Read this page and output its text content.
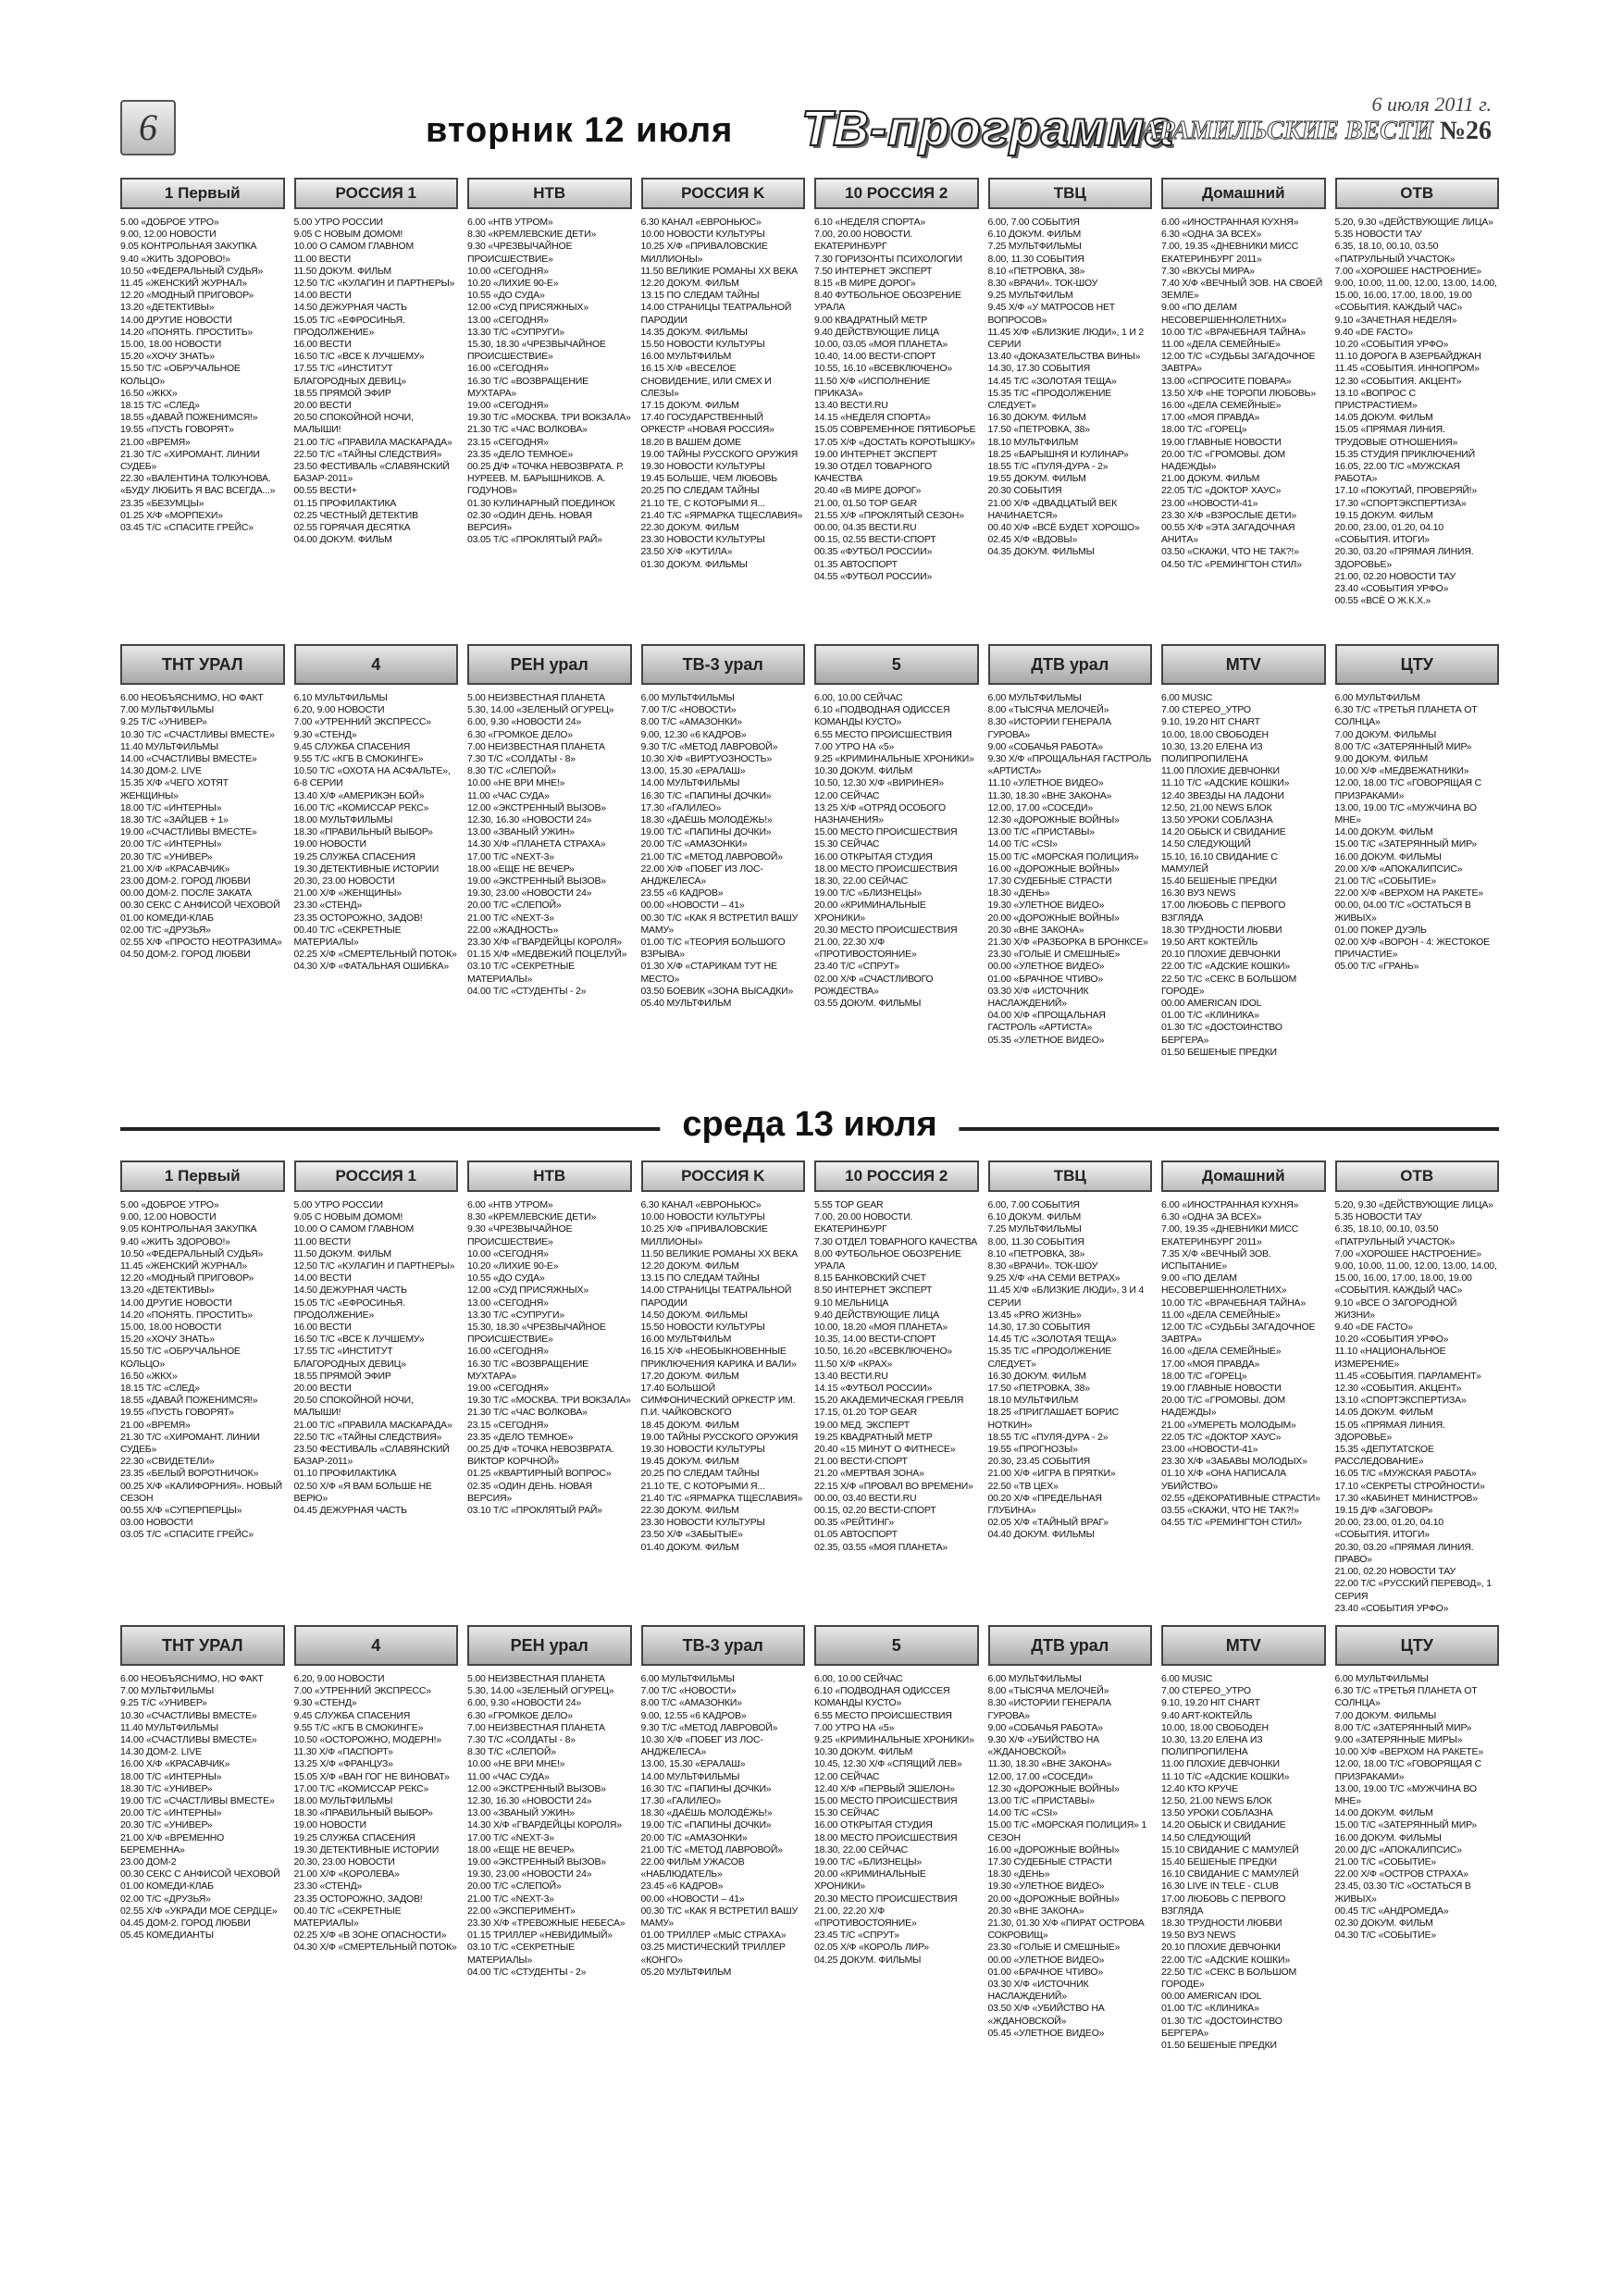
6	вторник 12 июля ТВ-программа	6 июля 2011 г.
АРАМИЛЬСКИЕ ВЕСТИ №26
1 Первый
5.00 «ДОБРОЕ УТРО»
9.00, 12.00 НОВОСТИ
9.05 КОНТРОЛЬНАЯ ЗАКУПКА
9.40 «ЖИТЬ ЗДОРОВО!»
10.50 «ФЕДЕРАЛЬНЫЙ СУДЬЯ»
11.45 «ЖЕНСКИЙ ЖУРНАЛ»
12.20 «МОДНЫЙ ПРИГОВОР»
13.20 «ДЕТЕКТИВЫ»
14.00 ДРУГИЕ НОВОСТИ
14.20 «ПОНЯТЬ. ПРОСТИТЬ»
15.00, 18.00 НОВОСТИ
15.20 «ХОЧУ ЗНАТЬ»
15.50 Т/С «ОБРУЧАЛЬНОЕ КОЛЬЦО»
16.50 «ЖКХ»
18.15 Т/С «СЛЕД»
18.55 «ДАВАЙ ПОЖЕНИМСЯ!»
19.55 «ПУСТЬ ГОВОРЯТ»
21.00 «ВРЕМЯ»
21.30 Т/С «ХИРОМАНТ. ЛИНИИ СУДЕБ»
22.30 «ВАЛЕНТИНА ТОЛКУНОВА. «БУДУ ЛЮБИТЬ Я ВАС ВСЕГДА...»
23.35 «БЕЗУМЦЫ»
01.25 Х/Ф «МОРПЕХИ»
03.45 Т/С «СПАСИТЕ ГРЕЙС»
РОССИЯ 1
5.00 УТРО РОССИИ
9.05 С НОВЫМ ДОМОМ!
10.00 О САМОМ ГЛАВНОМ
11.00 ВЕСТИ
11.50 ДОКУМ. ФИЛЬМ
12.50 Т/С «КУЛАГИН И ПАРТНЕРЫ»
14.00 ВЕСТИ
14.50 ДЕЖУРНАЯ ЧАСТЬ
15.05 Т/С «ЕФРОСИНЬЯ. ПРОДОЛЖЕНИЕ»
16.00 ВЕСТИ
16.50 Т/С «ВСЕ К ЛУЧШЕМУ»
17.55 Т/С «ИНСТИТУТ БЛАГОРОДНЫХ ДЕВИЦ»
18.55 ПРЯМОЙ ЭФИР
20.00 ВЕСТИ
20.50 СПОКОЙНОЙ НОЧИ, МАЛЫШИ!
21.00 Т/С «ПРАВИЛА МАСКАРАДА»
22.50 Т/С «ТАЙНЫ СЛЕДСТВИЯ»
23.50 ФЕСТИВАЛЬ «СЛАВЯНСКИЙ БАЗАР-2011»
00.55 ВЕСТИ+
01.15 ПРОФИЛАКТИКА
02.25 ЧЕСТНЫЙ ДЕТЕКТИВ
02.55 ГОРЯЧАЯ ДЕСЯТКА
04.00 ДОКУМ. ФИЛЬМ
НТВ
6.00 «НТВ УТРОМ»
8.30 «КРЕМЛЕВСКИЕ ДЕТИ»
9.30 «ЧРЕЗВЫЧАЙНОЕ ПРОИСШЕСТВИЕ»
10.00 «СЕГОДНЯ»
10.20 «ЛИХИЕ 90-Е»
10.55 «ДО СУДА»
12.00 «СУД ПРИСЯЖНЫХ»
13.00 «СЕГОДНЯ»
13.30 Т/С «СУПРУГИ»
15.30, 18.30 «ЧРЕЗВЫЧАЙНОЕ ПРОИСШЕСТВИЕ»
16.00 «СЕГОДНЯ»
16.30 Т/С «ВОЗВРАЩЕНИЕ МУХТАРА»
19.00 «СЕГОДНЯ»
19.30 Т/С «МОСКВА. ТРИ ВОКЗАЛА»
21.30 Т/С «ЧАС ВОЛКОВА»
23.15 «СЕГОДНЯ»
23.35 «ДЕЛО ТЕМНОЕ»
00.25 Д/Ф «ТОЧКА НЕВОЗВРАТА. Р. НУРЕЕВ. М. БАРЫШНИКОВ. А. ГОДУНОВ»
01.30 КУЛИНАРНЫЙ ПОЕДИНОК
02.30 «ОДИН ДЕНЬ. НОВАЯ ВЕРСИЯ»
03.05 Т/С «ПРОКЛЯТЫЙ РАЙ»
РОССИЯ K
6.30 КАНАЛ «ЕВРОНЬЮС»
10.00 НОВОСТИ КУЛЬТУРЫ
10.25 Х/Ф «ПРИВАЛОВСКИЕ МИЛЛИОНЫ»
11.50 ВЕЛИКИЕ РОМАНЫ XX ВЕКА
12.20 ДОКУМ. ФИЛЬМ
13.15 ПО СЛЕДАМ ТАЙНЫ
14.00 СТРАНИЦЫ ТЕАТРАЛЬНОЙ ПАРОДИИ
14.35 ДОКУМ. ФИЛЬМЫ
15.50 НОВОСТИ КУЛЬТУРЫ
16.00 МУЛЬТФИЛЬМ
16.15 Х/Ф «ВЕСЕЛОЕ СНОВИДЕНИЕ, ИЛИ СМЕХ И СЛЕЗЫ»
17.15 ДОКУМ. ФИЛЬМ
17.40 ГОСУДАРСТВЕННЫЙ ОРКЕСТР «НОВАЯ РОССИЯ»
18.20 В ВАШЕМ ДОМЕ
19.00 ТАЙНЫ РУССКОГО ОРУЖИЯ
19.30 НОВОСТИ КУЛЬТУРЫ
19.45 БОЛЬШЕ, ЧЕМ ЛЮБОВЬ
20.25 ПО СЛЕДАМ ТАЙНЫ
21.10 ТЕ, С КОТОРЫМИ Я...
21.40 Т/С «ЯРМАРКА ТЩЕСЛАВИЯ»
22.30 ДОКУМ. ФИЛЬМ
23.30 НОВОСТИ КУЛЬТУРЫ
23.50 Х/Ф «КУТИЛА»
01.30 ДОКУМ. ФИЛЬМЫ
10 РОССИЯ 2
6.10 «НЕДЕЛЯ СПОРТА»
7.00, 20.00 НОВОСТИ. ЕКАТЕРИНБУРГ
7.30 ГОРИЗОНТЫ ПСИХОЛОГИИ
7.50 ИНТЕРНЕТ ЭКСПЕРТ
8.15 «В МИРЕ ДОРОГ»
8.40 ФУТБОЛЬНОЕ ОБОЗРЕНИЕ УРАЛА
9.00 КВАДРАТНЫЙ МЕТР
9.40 ДЕЙСТВУЮЩИЕ ЛИЦА
10.00, 03.05 «МОЯ ПЛАНЕТА»
10.40, 14.00 ВЕСТИ-СПОРТ
10.55, 16.10 «ВСЕВКЛЮЧЕНО»
11.50 Х/Ф «ИСПОЛНЕНИЕ ПРИКАЗА»
13.40 ВЕСТИ.RU
14.15 «НЕДЕЛЯ СПОРТА»
15.05 СОВРЕМЕННОЕ ПЯТИБОРЬЕ
17.05 Х/Ф «ДОСТАТЬ КОРОТЫШКУ»
19.00 ИНТЕРНЕТ ЭКСПЕРТ
19.30 ОТДЕЛ ТОВАРНОГО КАЧЕСТВА
20.40 «В МИРЕ ДОРОГ»
21.00, 01.50 TOP GEAR
21.55 Х/Ф «ПРОКЛЯТЫЙ СЕЗОН»
00.00, 04.35 ВЕСТИ.RU
00.15, 02.55 ВЕСТИ-СПОРТ
00.35 «ФУТБОЛ РОССИИ»
01.35 АВТОСПОРТ
04.55 «ФУТБОЛ РОССИИ»
ТВЦ
6.00, 7.00 СОБЫТИЯ
6.10 ДОКУМ. ФИЛЬМ
7.25 МУЛЬТФИЛЬМЫ
8.00, 11.30 СОБЫТИЯ
8.10 «ПЕТРОВКА, 38»
8.30 «ВРАЧИ». ТОК-ШОУ
9.25 МУЛЬТФИЛЬМ
9.45 Х/Ф «У МАТРОСОВ НЕТ ВОПРОСОВ»
11.45 Х/Ф «БЛИЗКИЕ ЛЮДИ», 1 И 2 СЕРИИ
13.40 «ДОКАЗАТЕЛЬСТВА ВИНЫ»
14.30, 17.30 СОБЫТИЯ
14.45 Т/С «ЗОЛОТАЯ ТЕЩА»
15.35 Т/С «ПРОДОЛЖЕНИЕ СЛЕДУЕТ»
16.30 ДОКУМ. ФИЛЬМ
17.50 «ПЕТРОВКА, 38»
18.10 МУЛЬТФИЛЬМ
18.25 «БАРЫШНЯ И КУЛИНАР»
18.55 Т/С «ПУЛЯ-ДУРА - 2»
19.55 ДОКУМ. ФИЛЬМ
20.30 СОБЫТИЯ
21.00 Х/Ф «ДВАДЦАТЫЙ ВЕК НАЧИНАЕТСЯ»
00.40 Х/Ф «ВСЁ БУДЕТ ХОРОШО»
02.45 Х/Ф «ВДОВЫ»
04.35 ДОКУМ. ФИЛЬМЫ
Домашний
6.00 «ИНОСТРАННАЯ КУХНЯ»
6.30 «ОДНА ЗА ВСЕХ»
7.00, 19.35 «ДНЕВНИКИ МИСС ЕКАТЕРИНБУРГ 2011»
7.30 «ВКУСЫ МИРА»
7.40 Х/Ф «ВЕЧНЫЙ ЗОВ. НА СВОЕЙ ЗЕМЛЕ»
9.00 «ПО ДЕЛАМ НЕСОВЕРШЕННОЛЕТНИХ»
10.00 Т/С «ВРАЧЕБНАЯ ТАЙНА»
11.00 «ДЕЛА СЕМЕЙНЫЕ»
12.00 Т/С «СУДЬБЫ ЗАГАДОЧНОЕ ЗАВТРА»
13.00 «СПРОСИТЕ ПОВАРА»
13.50 Х/Ф «НЕ ТОРОПИ ЛЮБОВЬ»
16.00 «ДЕЛА СЕМЕЙНЫЕ»
17.00 «МОЯ ПРАВДА»
18.00 Т/С «ГОРЕЦ»
19.00 ГЛАВНЫЕ НОВОСТИ
20.00 Т/С «ГРОМОВЫ. ДОМ НАДЕЖДЫ»
21.00 ДОКУМ. ФИЛЬМ
22.05 Т/С «ДОКТОР ХАУС»
23.00 «НОВОСТИ-41»
23.30 Х/Ф «ВЗРОСЛЫЕ ДЕТИ»
00.55 Х/Ф «ЭТА ЗАГАДОЧНАЯ АНИТА»
03.50 «СКАЖИ, ЧТО НЕ ТАК?!»
04.50 Т/С «РЕМИНГТОН СТИЛ»
ОТВ
5.20, 9.30 «ДЕЙСТВУЮЩИЕ ЛИЦА»
5.35 НОВОСТИ ТАУ
6.35, 18.10, 00.10, 03.50 «ПАТРУЛЬНЫЙ УЧАСТОК»
7.00 «ХОРОШЕЕ НАСТРОЕНИЕ»
9.00, 10.00, 11.00, 12.00, 13.00, 14.00, 15.00, 16.00, 17.00, 18.00, 19.00 «СОБЫТИЯ. КАЖДЫЙ ЧАС»
9.10 «ЗАЧЕТНАЯ НЕДЕЛЯ»
9.40 «DE FACTO»
10.20 «СОБЫТИЯ УРФО»
11.10 ДОРОГА В АЗЕРБАЙДЖАН
11.45 «СОБЫТИЯ. ИННОПРОМ»
12.30 «СОБЫТИЯ. АКЦЕНТ»
13.10 «ВОПРОС С ПРИСТРАСТИЕМ»
14.05 ДОКУМ. ФИЛЬМ
15.05 «ПРЯМАЯ ЛИНИЯ. ТРУДОВЫЕ ОТНОШЕНИЯ»
15.35 СТУДИЯ ПРИКЛЮЧЕНИЙ
16.05, 22.00 Т/С «МУЖСКАЯ РАБОТА»
17.10 «ПОКУПАЙ, ПРОВЕРЯЙ!»
17.30 «СПОРТЭКСПЕРТИЗА»
19.15 ДОКУМ. ФИЛЬМ
20.00, 23.00, 01.20, 04.10 «СОБЫТИЯ. ИТОГИ»
20.30, 03.20 «ПРЯМАЯ ЛИНИЯ. ЗДОРОВЬЕ»
21.00, 02.20 НОВОСТИ ТАУ
23.40 «СОБЫТИЯ УРФО»
00.55 «ВСЁ О Ж.К.Х.»
ТНТ УРАЛ
6.00 НЕОБЪЯСНИМО, НО ФАКТ
7.00 МУЛЬТФИЛЬМЫ
9.25 Т/С «УНИВЕР»
10.30 Т/С «СЧАСТЛИВЫ ВМЕСТЕ»
11.40 МУЛЬТФИЛЬМЫ
14.00 «СЧАСТЛИВЫ ВМЕСТЕ»
14.30 ДОМ-2. LIVE
15.35 Х/Ф «ЧЕГО ХОТЯТ ЖЕНЩИНЫ»
18.00 Т/С «ИНТЕРНЫ»
18.30 Т/С «ЗАЙЦЕВ + 1»
19.00 «СЧАСТЛИВЫ ВМЕСТЕ»
20.00 Т/С «ИНТЕРНЫ»
20.30 Т/С «УНИВЕР»
21.00 Х/Ф «КРАСАВЧИК»
23.00 ДОМ-2. ГОРОД ЛЮБВИ
00.00 ДОМ-2. ПОСЛЕ ЗАКАТА
00.30 СЕКС С АНФИСОЙ ЧЕХОВОЙ
01.00 КОМЕДИ-КЛАБ
02.00 Т/С «ДРУЗЬЯ»
02.55 Х/Ф «ПРОСТО НЕОТРАЗИМА»
04.50 ДОМ-2. ГОРОД ЛЮБВИ
4
6.10 МУЛЬТФИЛЬМЫ
6.20, 9.00 НОВОСТИ
7.00 «УТРЕННИЙ ЭКСПРЕСС»
9.30 «СТЕНД»
9.45 СЛУЖБА СПАСЕНИЯ
9.55 Т/С «КГБ В СМОКИНГЕ»
10.50 Т/С «ОХОТА НА АСФАЛЬТЕ», 6-8 СЕРИИ
13.40 Х/Ф «АМЕРИКЭН БОЙ»
16.00 Т/С «КОМИССАР РЕКС»
18.00 МУЛЬТФИЛЬМЫ
18.30 «ПРАВИЛЬНЫЙ ВЫБОР»
19.00 НОВОСТИ
19.25 СЛУЖБА СПАСЕНИЯ
19.30 ДЕТЕКТИВНЫЕ ИСТОРИИ
20.30, 23.00 НОВОСТИ
21.00 Х/Ф «ЖЕНЩИНЫ»
23.30 «СТЕНД»
23.35 ОСТОРОЖНО, ЗАДОВ!
00.40 Т/С «СЕКРЕТНЫЕ МАТЕРИАЛЫ»
02.25 Х/Ф «СМЕРТЕЛЬНЫЙ ПОТОК»
04.30 Х/Ф «ФАТАЛЬНАЯ ОШИБКА»
РЕН урал
5.00 НЕИЗВЕСТНАЯ ПЛАНЕТА
5.30, 14.00 «ЗЕЛЕНЫЙ ОГУРЕЦ»
6.00, 9.30 «НОВОСТИ 24»
6.30 «ГРОМКОЕ ДЕЛО»
7.00 НЕИЗВЕСТНАЯ ПЛАНЕТА
7.30 Т/С «СОЛДАТЫ - 8»
8.30 Т/С «СЛЕПОЙ»
10.00 «НЕ ВРИ МНЕ!»
11.00 «ЧАС СУДА»
12.00 «ЭКСТРЕННЫЙ ВЫЗОВ»
12.30, 16.30 «НОВОСТИ 24»
13.00 «ЗВАНЫЙ УЖИН»
14.30 Х/Ф «ПЛАНЕТА СТРАХА»
17.00 Т/С «NEXT-3»
18.00 «ЕЩЕ НЕ ВЕЧЕР»
19.00 «ЭКСТРЕННЫЙ ВЫЗОВ»
19.30, 23.00 «НОВОСТИ 24»
20.00 Т/С «СЛЕПОЙ»
21.00 Т/С «NEXT-3»
22.00 «ЖАДНОСТЬ»
23.30 Х/Ф «ГВАРДЕЙЦЫ КОРОЛЯ»
01.15 Х/Ф «МЕДВЕЖИЙ ПОЦЕЛУЙ»
03.10 Т/С «СЕКРЕТНЫЕ МАТЕРИАЛЫ»
04.00 Т/С «СТУДЕНТЫ - 2»
ТВ-3 урал
6.00 МУЛЬТФИЛЬМЫ
7.00 Т/С «НОВОСТИ»
8.00 Т/С «АМАЗОНКИ»
9.00, 12.30 «6 КАДРОВ»
9.30 Т/С «МЕТОД ЛАВРОВОЙ»
10.30 Х/Ф «ВИРТУОЗНОСТЬ»
13.00, 15.30 «ЕРАЛАШ»
14.00 МУЛЬТФИЛЬМЫ
16.30 Т/С «ПАПИНЫ ДОЧКИ»
17.30 «ГАЛИЛЕО»
18.30 «ДАЁШЬ МОЛОДЁЖЬ!»
19.00 Т/С «ПАПИНЫ ДОЧКИ»
20.00 Т/С «АМАЗОНКИ»
21.00 Т/С «МЕТОД ЛАВРОВОЙ»
22.00 Х/Ф «ПОБЕГ ИЗ ЛОС-АНДЖЕЛЕСА»
23.55 «6 КАДРОВ»
00.00 «НОВОСТИ – 41»
00.30 Т/С «КАК Я ВСТРЕТИЛ ВАШУ МАМУ»
01.00 Т/С «ТЕОРИЯ БОЛЬШОГО ВЗРЫВА»
01.30 Х/Ф «СТАРИКАМ ТУТ НЕ МЕСТО»
03.50 БОЕВИК «ЗОНА ВЫСАДКИ»
05.40 МУЛЬТФИЛЬМ
5
6.00, 10.00 СЕЙЧАС
6.10 «ПОДВОДНАЯ ОДИССЕЯ КОМАНДЫ КУСТО»
6.55 МЕСТО ПРОИСШЕСТВИЯ
7.00 УТРО НА «5»
9.25 «КРИМИНАЛЬНЫЕ ХРОНИКИ»
10.30 ДОКУМ. ФИЛЬМ
10.50, 12.30 Х/Ф «ВИРИНЕЯ»
12.00 СЕЙЧАС
13.25 Х/Ф «ОТРЯД ОСОБОГО НАЗНАЧЕНИЯ»
15.00 МЕСТО ПРОИСШЕСТВИЯ
15.30 СЕЙЧАС
16.00 ОТКРЫТАЯ СТУДИЯ
18.00 МЕСТО ПРОИСШЕСТВИЯ
18.30, 22.00 СЕЙЧАС
19.00 Т/С «БЛИЗНЕЦЫ»
20.00 «КРИМИНАЛЬНЫЕ ХРОНИКИ»
20.30 МЕСТО ПРОИСШЕСТВИЯ
21.00, 22.30 Х/Ф «ПРОТИВОСТОЯНИЕ»
23.40 Т/С «СПРУТ»
02.00 Х/Ф «СЧАСТЛИВОГО РОЖДЕСТВА»
03.55 ДОКУМ. ФИЛЬМЫ
ДТВ урал
6.00 МУЛЬТФИЛЬМЫ
8.00 «ТЫСЯЧА МЕЛОЧЕЙ»
8.30 «ИСТОРИИ ГЕНЕРАЛА ГУРОВА»
9.00 «СОБАЧЬЯ РАБОТА»
9.30 Х/Ф «ПРОЩАЛЬНАЯ ГАСТРОЛЬ «АРТИСТА»
11.10 «УЛЕТНОЕ ВИДЕО»
11.30, 18.30 «ВНЕ ЗАКОНА»
12.00, 17.00 «СОСЕДИ»
12.30 «ДОРОЖНЫЕ ВОЙНЫ»
13.00 Т/С «ПРИСТАВЫ»
14.00 Т/С «CSI»
15.00 Т/С «МОРСКАЯ ПОЛИЦИЯ»
16.00 «ДОРОЖНЫЕ ВОЙНЫ»
17.30 СУДЕБНЫЕ СТРАСТИ
18.30 «ДЕНЬ»
19.30 «УЛЕТНОЕ ВИДЕО»
20.00 «ДОРОЖНЫЕ ВОЙНЫ»
20.30 «ВНЕ ЗАКОНА»
21.30 Х/Ф «РАЗБОРКА В БРОНКСЕ»
23.30 «ГОЛЫЕ И СМЕШНЫЕ»
00.00 «УЛЕТНОЕ ВИДЕО»
01.00 «БРАЧНОЕ ЧТИВО»
03.30 Х/Ф «ИСТОЧНИК НАСЛАЖДЕНИЙ»
04.00 Х/Ф «ПРОЩАЛЬНАЯ ГАСТРОЛЬ «АРТИСТА»
05.35 «УЛЕТНОЕ ВИДЕО»
MTV
6.00 MUSIC
7.00 СТЕРЕО_УТРО
9.10, 19.20 HIT CHART
10.00, 18.00 СВОБОДЕН
10.30, 13.20 ЕЛЕНА ИЗ ПОЛИПРОПИЛЕНА
11.00 ПЛОХИЕ ДЕВЧОНКИ
11.10 Т/С «АДСКИЕ КОШКИ»
12.40 ЗВЕЗДЫ НА ЛАДОНИ
12.50, 21.00 NEWS БЛОК
13.50 УРОКИ СОБЛАЗНА
14.20 ОБЫСК И СВИДАНИЕ
14.50 СЛЕДУЮЩИЙ
15.10, 16.10 СВИДАНИЕ С МАМУЛЕЙ
15.40 БЕШЕНЫЕ ПРЕДКИ
16.30 ВУЗ NEWS
17.00 ЛЮБОВЬ С ПЕРВОГО ВЗГЛЯДА
18.30 ТРУДНОСТИ ЛЮБВИ
19.50 ART КОКТЕЙЛЬ
20.10 ПЛОХИЕ ДЕВЧОНКИ
22.00 Т/С «АДСКИЕ КОШКИ»
22.50 Т/С «СЕКС В БОЛЬШОМ ГОРОДЕ»
00.00 AMERICAN IDOL
01.00 Т/С «КЛИНИКА»
01.30 Т/С «ДОСТОИНСТВО БЕРГЕРА»
01.50 БЕШЕНЫЕ ПРЕДКИ
ЦТУ
6.00 МУЛЬТФИЛЬМ
6.30 Т/С «ТРЕТЬЯ ПЛАНЕТА ОТ СОЛНЦА»
7.00 ДОКУМ. ФИЛЬМЫ
8.00 Т/С «ЗАТЕРЯННЫЙ МИР»
9.00 ДОКУМ. ФИЛЬМ
10.00 Х/Ф «МЕДВЕЖАТНИКИ»
12.00, 18.00 Т/С «ГОВОРЯЩАЯ С ПРИЗРАКАМИ»
13.00, 19.00 Т/С «МУЖЧИНА ВО МНЕ»
14.00 ДОКУМ. ФИЛЬМ
15.00 Т/С «ЗАТЕРЯННЫЙ МИР»
16.00 ДОКУМ. ФИЛЬМЫ
20.00 Х/Ф «АПОКАЛИПСИС»
21.00 Т/С «СОБЫТИЕ»
22.00 Х/Ф «ВЕРХОМ НА РАКЕТЕ»
00.00, 04.00 Т/С «ОСТАТЬСЯ В ЖИВЫХ»
01.00 ПОКЕР ДУЭЛЬ
02.00 Х/Ф «ВОРОН - 4: ЖЕСТОКОЕ ПРИЧАСТИЕ»
05.00 Т/С «ГРАНЬ»
среда 13 июля
1 Первый
5.00 «ДОБРОЕ УТРО»
9.00, 12.00 НОВОСТИ
9.05 КОНТРОЛЬНАЯ ЗАКУПКА
9.40 «ЖИТЬ ЗДОРОВО!»
10.50 «ФЕДЕРАЛЬНЫЙ СУДЬЯ»
11.45 «ЖЕНСКИЙ ЖУРНАЛ»
12.20 «МОДНЫЙ ПРИГОВОР»
13.20 «ДЕТЕКТИВЫ»
14.00 ДРУГИЕ НОВОСТИ
14.20 «ПОНЯТЬ. ПРОСТИТЬ»
15.00, 18.00 НОВОСТИ
15.20 «ХОЧУ ЗНАТЬ»
15.50 Т/С «ОБРУЧАЛЬНОЕ КОЛЬЦО»
16.50 «ЖКХ»
18.15 Т/С «СЛЕД»
18.55 «ДАВАЙ ПОЖЕНИМСЯ!»
19.55 «ПУСТЬ ГОВОРЯТ»
21.00 «ВРЕМЯ»
21.30 Т/С «ХИРОМАНТ. ЛИНИИ СУДЕБ»
22.30 «СВИДЕТЕЛИ»
23.35 «БЕЛЫЙ ВОРОТНИЧОК»
00.25 Х/Ф «КАЛИФОРНИЯ». НОВЫЙ СЕЗОН
00.55 Х/Ф «СУПЕРПЕРЦЫ»
03.00 НОВОСТИ
03.05 Т/С «СПАСИТЕ ГРЕЙС»
РОССИЯ 1
5.00 УТРО РОССИИ
9.05 С НОВЫМ ДОМОМ!
10.00 О САМОМ ГЛАВНОМ
11.00 ВЕСТИ
11.50 ДОКУМ. ФИЛЬМ
12.50 Т/С «КУЛАГИН И ПАРТНЕРЫ»
14.00 ВЕСТИ
14.50 ДЕЖУРНАЯ ЧАСТЬ
15.05 Т/С «ЕФРОСИНЬЯ. ПРОДОЛЖЕНИЕ»
16.00 ВЕСТИ
16.50 Т/С «ВСЕ К ЛУЧШЕМУ»
17.55 Т/С «ИНСТИТУТ БЛАГОРОДНЫХ ДЕВИЦ»
18.55 ПРЯМОЙ ЭФИР
20.00 ВЕСТИ
20.50 СПОКОЙНОЙ НОЧИ, МАЛЫШИ!
21.00 Т/С «ПРАВИЛА МАСКАРАДА»
22.50 Т/С «ТАЙНЫ СЛЕДСТВИЯ»
23.50 ФЕСТИВАЛЬ «СЛАВЯНСКИЙ БАЗАР-2011»
01.10 ПРОФИЛАКТИКА
02.50 Х/Ф «Я ВАМ БОЛЬШЕ НЕ ВЕРЮ»
04.45 ДЕЖУРНАЯ ЧАСТЬ
НТВ
6.00 «НТВ УТРОМ»
8.30 «КРЕМЛЕВСКИЕ ДЕТИ»
9.30 «ЧРЕЗВЫЧАЙНОЕ ПРОИСШЕСТВИЕ»
10.00 «СЕГОДНЯ»
10.20 «ЛИХИЕ 90-Е»
10.55 «ДО СУДА»
12.00 «СУД ПРИСЯЖНЫХ»
13.00 «СЕГОДНЯ»
13.30 Т/С «СУПРУГИ»
15.30, 18.30 «ЧРЕЗВЫЧАЙНОЕ ПРОИСШЕСТВИЕ»
16.00 «СЕГОДНЯ»
16.30 Т/С «ВОЗВРАЩЕНИЕ МУХТАРА»
19.00 «СЕГОДНЯ»
19.30 Т/С «МОСКВА. ТРИ ВОКЗАЛА»
21.30 Т/С «ЧАС ВОЛКОВА»
23.15 «СЕГОДНЯ»
23.35 «ДЕЛО ТЕМНОЕ»
00.25 Д/Ф «ТОЧКА НЕВОЗВРАТА. ВИКТОР КОРЧНОЙ»
01.25 «КВАРТИРНЫЙ ВОПРОС»
02.35 «ОДИН ДЕНЬ. НОВАЯ ВЕРСИЯ»
03.10 Т/С «ПРОКЛЯТЫЙ РАЙ»
РОССИЯ K
6.30 КАНАЛ «ЕВРОНЬЮС»
10.00 НОВОСТИ КУЛЬТУРЫ
10.25 Х/Ф «ПРИВАЛОВСКИЕ МИЛЛИОНЫ»
11.50 ВЕЛИКИЕ РОМАНЫ XX ВЕКА
12.20 ДОКУМ. ФИЛЬМ
13.15 ПО СЛЕДАМ ТАЙНЫ
14.00 СТРАНИЦЫ ТЕАТРАЛЬНОЙ ПАРОДИИ
14.50 ДОКУМ. ФИЛЬМЫ
15.50 НОВОСТИ КУЛЬТУРЫ
16.00 МУЛЬТФИЛЬМ
16.15 Х/Ф «НЕОБЫКНОВЕННЫЕ ПРИКЛЮЧЕНИЯ КАРИКА И ВАЛИ»
17.20 ДОКУМ. ФИЛЬМ
17.40 БОЛЬШОЙ СИМФОНИЧЕСКИЙ ОРКЕСТР ИМ. П.И. ЧАЙКОВСКОГО
18.45 ДОКУМ. ФИЛЬМ
19.00 ТАЙНЫ РУССКОГО ОРУЖИЯ
19.30 НОВОСТИ КУЛЬТУРЫ
19.45 ДОКУМ. ФИЛЬМ
20.25 ПО СЛЕДАМ ТАЙНЫ
21.10 ТЕ, С КОТОРЫМИ Я...
21.40 Т/С «ЯРМАРКА ТЩЕСЛАВИЯ»
22.30 ДОКУМ. ФИЛЬМ
23.30 НОВОСТИ КУЛЬТУРЫ
23.50 Х/Ф «ЗАБЫТЫЕ»
01.40 ДОКУМ. ФИЛЬМ
10 РОССИЯ 2
5.55 TOP GEAR
7.00, 20.00 НОВОСТИ. ЕКАТЕРИНБУРГ
7.30 ОТДЕЛ ТОВАРНОГО КАЧЕСТВА
8.00 ФУТБОЛЬНОЕ ОБОЗРЕНИЕ УРАЛА
8.15 БАНКОВСКИЙ СЧЕТ
8.50 ИНТЕРНЕТ ЭКСПЕРТ
9.10 МЕЛЬНИЦА
9.40 ДЕЙСТВУЮЩИЕ ЛИЦА
10.00, 18.20 «МОЯ ПЛАНЕТА»
10.35, 14.00 ВЕСТИ-СПОРТ
10.50, 16.20 «ВСЕВКЛЮЧЕНО»
11.50 Х/Ф «КРАХ»
13.40 ВЕСТИ.RU
14.15 «ФУТБОЛ РОССИИ»
15.20 АКАДЕМИЧЕСКАЯ ГРЕБЛЯ
17.15, 01.20 TOP GEAR
19.00 МЕД. ЭКСПЕРТ
19.25 КВАДРАТНЫЙ МЕТР
20.40 «15 МИНУТ О ФИТНЕСЕ»
21.00 ВЕСТИ-СПОРТ
21.20 «МЕРТВАЯ ЗОНА»
22.15 Х/Ф «ПРОВАЛ ВО ВРЕМЕНИ»
00.00, 03.40 ВЕСТИ.RU
00.15, 02.20 ВЕСТИ-СПОРТ
00.35 «РЕЙТИНГ»
01.05 АВТОСПОРТ
02.35, 03.55 «МОЯ ПЛАНЕТА»
ТВЦ
6.00, 7.00 СОБЫТИЯ
6.10 ДОКУМ. ФИЛЬМ
7.25 МУЛЬТФИЛЬМЫ
8.00, 11.30 СОБЫТИЯ
8.10 «ПЕТРОВКА, 38»
8.30 «ВРАЧИ». ТОК-ШОУ
9.25 Х/Ф «НА СЕМИ ВЕТРАХ»
11.45 Х/Ф «БЛИЗКИЕ ЛЮДИ», 3 И 4 СЕРИИ
13.45 «PRO ЖИЗНЬ»
14.30, 17.30 СОБЫТИЯ
14.45 Т/С «ЗОЛОТАЯ ТЕЩА»
15.35 Т/С «ПРОДОЛЖЕНИЕ СЛЕДУЕТ»
16.30 ДОКУМ. ФИЛЬМ
17.50 «ПЕТРОВКА, 38»
18.10 МУЛЬТФИЛЬМ
18.25 «ПРИГЛАШАЕТ БОРИС НОТКИН»
18.55 Т/С «ПУЛЯ-ДУРА - 2»
19.55 «ПРОГНОЗЫ»
20.30, 23.45 СОБЫТИЯ
21.00 Х/Ф «ИГРА В ПРЯТКИ»
22.50 «ТВ ЦЕХ»
00.20 Х/Ф «ПРЕДЕЛЬНАЯ ГЛУБИНА»
02.05 Х/Ф «ТАЙНЫЙ ВРАГ»
04.40 ДОКУМ. ФИЛЬМЫ
Домашний
6.00 «ИНОСТРАННАЯ КУХНЯ»
6.30 «ОДНА ЗА ВСЕХ»
7.00, 19.35 «ДНЕВНИКИ МИСС ЕКАТЕРИНБУРГ 2011»
7.35 Х/Ф «ВЕЧНЫЙ ЗОВ. ИСПЫТАНИЕ»
9.00 «ПО ДЕЛАМ НЕСОВЕРШЕННОЛЕТНИХ»
10.00 Т/С «ВРАЧЕБНАЯ ТАЙНА»
11.00 «ДЕЛА СЕМЕЙНЫЕ»
12.00 Т/С «СУДЬБЫ ЗАГАДОЧНОЕ ЗАВТРА»
16.00 «ДЕЛА СЕМЕЙНЫЕ»
17.00 «МОЯ ПРАВДА»
18.00 Т/С «ГОРЕЦ»
19.00 ГЛАВНЫЕ НОВОСТИ
20.00 Т/С «ГРОМОВЫ. ДОМ НАДЕЖДЫ»
21.00 «УМЕРЕТЬ МОЛОДЫМ»
22.05 Т/С «ДОКТОР ХАУС»
23.00 «НОВОСТИ-41»
23.30 Х/Ф «ЗАБАВЫ МОЛОДЫХ»
01.10 Х/Ф «ОНА НАПИСАЛА УБИЙСТВО»
02.55 «ДЕКОРАТИВНЫЕ СТРАСТИ»
03.55 «СКАЖИ, ЧТО НЕ ТАК?!»
04.55 Т/С «РЕМИНГТОН СТИЛ»
ОТВ
5.20, 9.30 «ДЕЙСТВУЮЩИЕ ЛИЦА»
5.35 НОВОСТИ ТАУ
6.35, 18.10, 00.10, 03.50 «ПАТРУЛЬНЫЙ УЧАСТОК»
7.00 «ХОРОШЕЕ НАСТРОЕНИЕ»
9.00, 10.00, 11.00, 12.00, 13.00, 14.00, 15.00, 16.00, 17.00, 18.00, 19.00 «СОБЫТИЯ. КАЖДЫЙ ЧАС»
9.10 «ВСЕ О ЗАГОРОДНОЙ ЖИЗНИ»
9.40 «DE FACTO»
10.20 «СОБЫТИЯ УРФО»
11.10 «НАЦИОНАЛЬНОЕ ИЗМЕРЕНИЕ»
11.45 «СОБЫТИЯ. ПАРЛАМЕНТ»
12.30 «СОБЫТИЯ. АКЦЕНТ»
13.10 «СПОРТЭКСПЕРТИЗА»
14.05 ДОКУМ. ФИЛЬМ
15.05 «ПРЯМАЯ ЛИНИЯ. ЗДОРОВЬЕ»
15.35 «ДЕПУТАТСКОЕ РАССЛЕДОВАНИЕ»
16.05 Т/С «МУЖСКАЯ РАБОТА»
17.10 «СЕКРЕТЫ СТРОЙНОСТИ»
17.30 «КАБИНЕТ МИНИСТРОВ»
19.15 Д/Ф «ЗАГОВОР»
20.00, 23.00, 01.20, 04.10 «СОБЫТИЯ. ИТОГИ»
20.30, 03.20 «ПРЯМАЯ ЛИНИЯ. ПРАВО»
21.00, 02.20 НОВОСТИ ТАУ
22.00 Т/С «РУССКИЙ ПЕРЕВОД», 1 СЕРИЯ
23.40 «СОБЫТИЯ УРФО»
ТНТ УРАЛ
6.00 НЕОБЪЯСНИМО, НО ФАКТ
7.00 МУЛЬТФИЛЬМЫ
9.25 Т/С «УНИВЕР»
10.30 «СЧАСТЛИВЫ ВМЕСТЕ»
11.40 МУЛЬТФИЛЬМЫ
14.00 «СЧАСТЛИВЫ ВМЕСТЕ»
14.30 ДОМ-2. LIVE
16.00 Х/Ф «КРАСАВЧИК»
18.00 Т/С «ИНТЕРНЫ»
18.30 Т/С «УНИВЕР»
19.00 Т/С «СЧАСТЛИВЫ ВМЕСТЕ»
20.00 Т/С «ИНТЕРНЫ»
20.30 Т/С «УНИВЕР»
21.00 Х/Ф «ВРЕМЕННО БЕРЕМЕННА»
23.00 ДОМ-2
00.30 СЕКС С АНФИСОЙ ЧЕХОВОЙ
01.00 КОМЕДИ-КЛАБ
02.00 Т/С «ДРУЗЬЯ»
02.55 Х/Ф «УКРАДИ МОЕ СЕРДЦЕ»
04.45 ДОМ-2. ГОРОД ЛЮБВИ
05.45 КОМЕДИАНТЫ
4
6.20, 9.00 НОВОСТИ
7.00 «УТРЕННИЙ ЭКСПРЕСС»
9.30 «СТЕНД»
9.45 СЛУЖБА СПАСЕНИЯ
9.55 Т/С «КГБ В СМОКИНГЕ»
10.50 «ОСТОРОЖНО, МОДЕРН!»
11.30 Х/Ф «ПАСПОРТ»
13.25 Х/Ф «ФРАНЦУЗ»
15.05 Х/Ф «ВАН ГОГ НЕ ВИНОВАТ»
17.00 Т/С «КОМИССАР РЕКС»
18.00 МУЛЬТФИЛЬМЫ
18.30 «ПРАВИЛЬНЫЙ ВЫБОР»
19.00 НОВОСТИ
19.25 СЛУЖБА СПАСЕНИЯ
19.30 ДЕТЕКТИВНЫЕ ИСТОРИИ
20.30, 23.00 НОВОСТИ
21.00 Х/Ф «КОРОЛЕВА»
23.30 «СТЕНД»
23.35 ОСТОРОЖНО, ЗАДОВ!
00.40 Т/С «СЕКРЕТНЫЕ МАТЕРИАЛЫ»
02.25 Х/Ф «В ЗОНЕ ОПАСНОСТИ»
04.30 Х/Ф «СМЕРТЕЛЬНЫЙ ПОТОК»
РЕН урал
5.00 НЕИЗВЕСТНАЯ ПЛАНЕТА
5.30, 14.00 «ЗЕЛЕНЫЙ ОГУРЕЦ»
6.00, 9.30 «НОВОСТИ 24»
6.30 «ГРОМКОЕ ДЕЛО»
7.00 НЕИЗВЕСТНАЯ ПЛАНЕТА
7.30 Т/С «СОЛДАТЫ - 8»
8.30 Т/С «СЛЕПОЙ»
10.00 «НЕ ВРИ МНЕ!»
11.00 «ЧАС СУДА»
12.00 «ЭКСТРЕННЫЙ ВЫЗОВ»
12.30, 16.30 «НОВОСТИ 24»
13.00 «ЗВАНЫЙ УЖИН»
14.30 Х/Ф «ГВАРДЕЙЦЫ КОРОЛЯ»
17.00 Т/С «NEXT-3»
18.00 «ЕЩЕ НЕ ВЕЧЕР»
19.00 «ЭКСТРЕННЫЙ ВЫЗОВ»
19.30, 23.00 «НОВОСТИ 24»
20.00 Т/С «СЛЕПОЙ»
21.00 Т/С «NEXT-3»
22.00 «ЭКСПЕРИМЕНТ»
23.30 Х/Ф «ТРЕВОЖНЫЕ НЕБЕСА»
01.15 ТРИЛЛЕР «НЕВИДИМЫЙ»
03.10 Т/С «СЕКРЕТНЫЕ МАТЕРИАЛЫ»
04.00 Т/С «СТУДЕНТЫ - 2»
ТВ-3 урал
6.00 МУЛЬТФИЛЬМЫ
7.00 Т/С «НОВОСТИ»
8.00 Т/С «АМАЗОНКИ»
9.00, 12.55 «6 КАДРОВ»
9.30 Т/С «МЕТОД ЛАВРОВОЙ»
10.30 Х/Ф «ПОБЕГ ИЗ ЛОС-АНДЖЕЛЕСА»
13.00, 15.30 «ЕРАЛАШ»
14.00 МУЛЬТФИЛЬМЫ
16.30 Т/С «ПАПИНЫ ДОЧКИ»
17.30 «ГАЛИЛЕО»
18.30 «ДАЁШЬ МОЛОДЁЖЬ!»
19.00 Т/С «ПАПИНЫ ДОЧКИ»
20.00 Т/С «АМАЗОНКИ»
21.00 Т/С «МЕТОД ЛАВРОВОЙ»
22.00 ФИЛЬМ УЖАСОВ «НАБЛЮДАТЕЛЬ»
23.45 «6 КАДРОВ»
00.00 «НОВОСТИ – 41»
00.30 Т/С «КАК Я ВСТРЕТИЛ ВАШУ МАМУ»
01.00 ТРИЛЛЕР «МЫС СТРАХА»
03.25 МИСТИЧЕСКИЙ ТРИЛЛЕР «КОНГО»
05.20 МУЛЬТФИЛЬМ
5
6.00, 10.00 СЕЙЧАС
6.10 «ПОДВОДНАЯ ОДИССЕЯ КОМАНДЫ КУСТО»
6.55 МЕСТО ПРОИСШЕСТВИЯ
7.00 УТРО НА «5»
9.25 «КРИМИНАЛЬНЫЕ ХРОНИКИ»
10.30 ДОКУМ. ФИЛЬМ
10.45, 12.30 Х/Ф «СПЯЩИЙ ЛЕВ»
12.00 СЕЙЧАС
12.40 Х/Ф «ПЕРВЫЙ ЭШЕЛОН»
15.00 МЕСТО ПРОИСШЕСТВИЯ
15.30 СЕЙЧАС
16.00 ОТКРЫТАЯ СТУДИЯ
18.00 МЕСТО ПРОИСШЕСТВИЯ
18.30, 22.00 СЕЙЧАС
19.00 Т/С «БЛИЗНЕЦЫ»
20.00 «КРИМИНАЛЬНЫЕ ХРОНИКИ»
20.30 МЕСТО ПРОИСШЕСТВИЯ
21.00, 22.20 Х/Ф «ПРОТИВОСТОЯНИЕ»
23.45 Т/С «СПРУТ»
02.05 Х/Ф «КОРОЛЬ ЛИР»
04.25 ДОКУМ. ФИЛЬМЫ
ДТВ урал
6.00 МУЛЬТФИЛЬМЫ
8.00 «ТЫСЯЧА МЕЛОЧЕЙ»
8.30 «ИСТОРИИ ГЕНЕРАЛА ГУРОВА»
9.00 «СОБАЧЬЯ РАБОТА»
9.30 Х/Ф «УБИЙСТВО НА «ЖДАНОВСКОЙ»
11.30, 18.30 «ВНЕ ЗАКОНА»
12.00, 17.00 «СОСЕДИ»
12.30 «ДОРОЖНЫЕ ВОЙНЫ»
13.00 Т/С «ПРИСТАВЫ»
14.00 Т/С «CSI»
15.00 Т/С «МОРСКАЯ ПОЛИЦИЯ» 1 СЕЗОН
16.00 «ДОРОЖНЫЕ ВОЙНЫ»
17.30 СУДЕБНЫЕ СТРАСТИ
18.30 «ДЕНЬ»
19.30 «УЛЕТНОЕ ВИДЕО»
20.00 «ДОРОЖНЫЕ ВОЙНЫ»
20.30 «ВНЕ ЗАКОНА»
21.30, 01.30 Х/Ф «ПИРАТ ОСТРОВА СОКРОВИЩ»
23.30 «ГОЛЫЕ И СМЕШНЫЕ»
00.00 «УЛЕТНОЕ ВИДЕО»
01.00 «БРАЧНОЕ ЧТИВО»
03.30 Х/Ф «ИСТОЧНИК НАСЛАЖДЕНИЙ»
03.50 Х/Ф «УБИЙСТВО НА «ЖДАНОВСКОЙ»
05.45 «УЛЕТНОЕ ВИДЕО»
MTV
6.00 MUSIC
7.00 СТЕРЕО_УТРО
9.10, 19.20 HIT CHART
9.40 ART-КОКТЕЙЛЬ
10.00, 18.00 СВОБОДЕН
10.30, 13.20 ЕЛЕНА ИЗ ПОЛИПРОПИЛЕНА
11.00 ПЛОХИЕ ДЕВЧОНКИ
11.10 Т/С «АДСКИЕ КОШКИ»
12.40 КТО КРУЧЕ
12.50, 21.00 NEWS БЛОК
13.50 УРОКИ СОБЛАЗНА
14.20 ОБЫСК И СВИДАНИЕ
14.50 СЛЕДУЮЩИЙ
15.10 СВИДАНИЕ С МАМУЛЕЙ
15.40 БЕШЕНЫЕ ПРЕДКИ
16.10 СВИДАНИЕ С МАМУЛЕЙ
16.30 LIVE IN TELE - CLUB
17.00 ЛЮБОВЬ С ПЕРВОГО ВЗГЛЯДА
18.30 ТРУДНОСТИ ЛЮБВИ
19.50 ВУЗ NEWS
20.10 ПЛОХИЕ ДЕВЧОНКИ
22.00 Т/С «АДСКИЕ КОШКИ»
22.50 Т/С «СЕКС В БОЛЬШОМ ГОРОДЕ»
00.00 AMERICAN IDOL
01.00 Т/С «КЛИНИКА»
01.30 Т/С «ДОСТОИНСТВО БЕРГЕРА»
01.50 БЕШЕНЫЕ ПРЕДКИ
ЦТУ
6.00 МУЛЬТФИЛЬМЫ
6.30 Т/С «ТРЕТЬЯ ПЛАНЕТА ОТ СОЛНЦА»
7.00 ДОКУМ. ФИЛЬМЫ
8.00 Т/С «ЗАТЕРЯННЫЙ МИР»
9.00 «ЗАТЕРЯННЫЕ МИРЫ»
10.00 Х/Ф «ВЕРХОМ НА РАКЕТЕ»
12.00, 18.00 Т/С «ГОВОРЯЩАЯ С ПРИЗРАКАМИ»
13.00, 19.00 Т/С «МУЖЧИНА ВО МНЕ»
14.00 ДОКУМ. ФИЛЬМ
15.00 Т/С «ЗАТЕРЯННЫЙ МИР»
16.00 ДОКУМ. ФИЛЬМЫ
20.00 Д/С «АПОКАЛИПСИС»
21.00 Т/С «СОБЫТИЕ»
22.00 Х/Ф «ОСТРОВ СТРАХА»
23.45, 03.30 Т/С «ОСТАТЬСЯ В ЖИВЫХ»
00.45 Т/С «АНДРОМЕДА»
02.30 ДОКУМ. ФИЛЬМ
04.30 Т/С «СОБЫТИЕ»
